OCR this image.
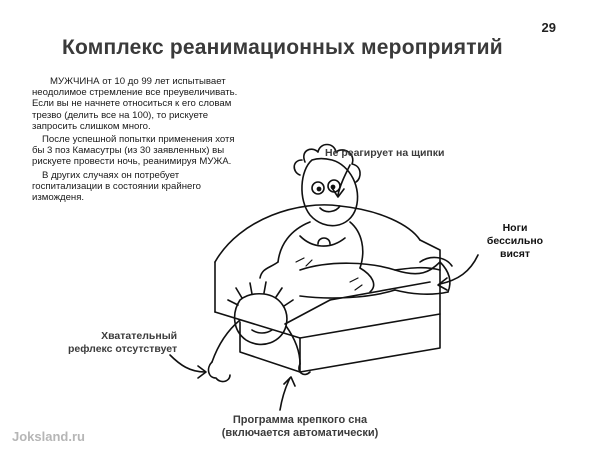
29
Комплекс реанимационных мероприятий

МУЖЧИНА от 10 до 99 лет испытывает неодолимое стремление все преувеличивать. Если вы не начнете относиться к его словам трезво (делить все на 100), то рискуете запросить слишком много.

После успешной попытки применения хотя бы 3 поз Камасутры (из 30 заявленных) вы рискуете провести ночь, реанимируя МУЖА.

В других случаях он потребует госпитализации в состоянии крайнего изможденя.

Не реагирует на щипки
Ноги
бессильно
висят
Хватательный
рефлекс отсутствует
Программа крепкого сна
(включается автоматически)
Joksland.ru
